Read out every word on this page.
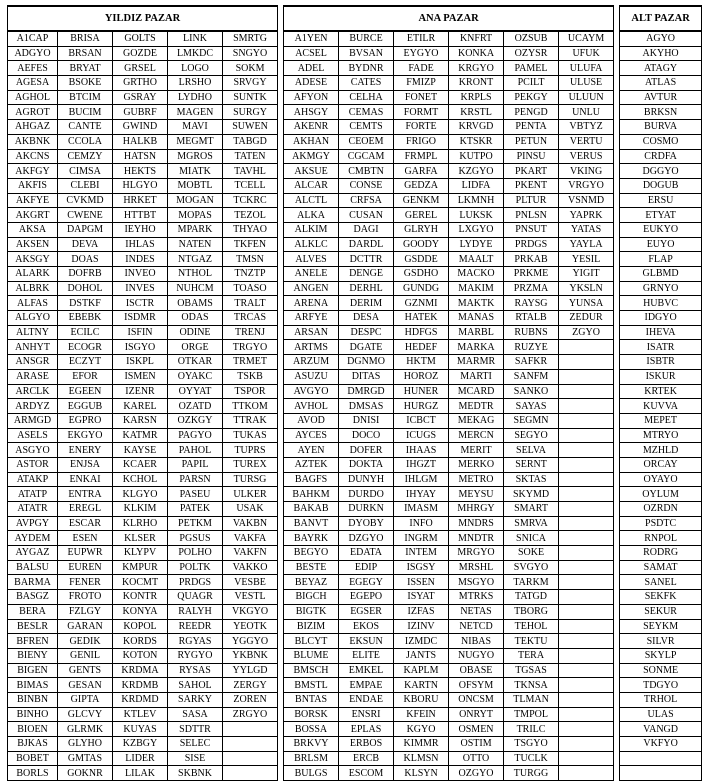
YILDIZ PAZAR						ANA PAZAR							ALT PAZAR
A1CAP	BRISA	GOLTS	LINK	SMRTG		A1YEN	BURCE	ETILR	KNFRT	OZSUB	UCAYM		AGYO
ADGYO	BRSAN	GOZDE	LMKDC	SNGYO		ACSEL	BVSAN	EYGYO	KONKA	OZYSR	UFUK		AKYHO
AEFES	BRYAT	GRSEL	LOGO	SOKM		ADEL	BYDNR	FADE	KRGYO	PAMEL	ULUFA		ATAGY
AGESA	BSOKE	GRTHO	LRSHO	SRVGY		ADESE	CATES	FMIZP	KRONT	PCILT	ULUSE		ATLAS
AGHOL	BTCIM	GSRAY	LYDHO	SUNTK		AFYON	CELHA	FONET	KRPLS	PEKGY	ULUUN		AVTUR
AGROT	BUCIM	GUBRF	MAGEN	SURGY		AHSGY	CEMAS	FORMT	KRSTL	PENGD	UNLU		BRKSN
AHGAZ	CANTE	GWIND	MAVI	SUWEN		AKENR	CEMTS	FORTE	KRVGD	PENTA	VBTYZ		BURVA
AKBNK	CCOLA	HALKB	MEGMT	TABGD		AKHAN	CEOEM	FRIGO	KTSKR	PETUN	VERTU		COSMO
AKCNS	CEMZY	HATSN	MGROS	TATEN		AKMGY	CGCAM	FRMPL	KUTPO	PINSU	VERUS		CRDFA
AKFGY	CIMSA	HEKTS	MIATK	TAVHL		AKSUE	CMBTN	GARFA	KZGYO	PKART	VKING		DGGYO
AKFIS	CLEBI	HLGYO	MOBTL	TCELL		ALCAR	CONSE	GEDZA	LIDFA	PKENT	VRGYO		DOGUB
AKFYE	CVKMD	HRKET	MOGAN	TCKRC		ALCTL	CRFSA	GENKM	LKMNH	PLTUR	VSNMD		ERSU
AKGRT	CWENE	HTTBT	MOPAS	TEZOL		ALKA	CUSAN	GEREL	LUKSK	PNLSN	YAPRK		ETYAT
AKSA	DAPGM	IEYHO	MPARK	THYAO		ALKIM	DAGI	GLRYH	LXGYO	PNSUT	YATAS		EUKYO
AKSEN	DEVA	IHLAS	NATEN	TKFEN		ALKLC	DARDL	GOODY	LYDYE	PRDGS	YAYLA		EUYO
AKSGY	DOAS	INDES	NTGAZ	TMSN		ALVES	DCTTR	GSDDE	MAALT	PRKAB	YESIL		FLAP
ALARK	DOFRB	INVEO	NTHOL	TNZTP		ANELE	DENGE	GSDHO	MACKO	PRKME	YIGIT		GLBMD
ALBRK	DOHOL	INVES	NUHCM	TOASO		ANGEN	DERHL	GUNDG	MAKIM	PRZMA	YKSLN		GRNYO
ALFAS	DSTKF	ISCTR	OBAMS	TRALT		ARENA	DERIM	GZNMI	MAKTK	RAYSG	YUNSA		HUBVC
ALGYO	EBEBK	ISDMR	ODAS	TRCAS		ARFYE	DESA	HATEK	MANAS	RTALB	ZEDUR		IDGYO
ALTNY	ECILC	ISFIN	ODINE	TRENJ		ARSAN	DESPC	HDFGS	MARBL	RUBNS	ZGYO		IHEVA
ANHYT	ECOGR	ISGYO	ORGE	TRGYO		ARTMS	DGATE	HEDEF	MARKA	RUZYE			ISATR
ANSGR	ECZYT	ISKPL	OTKAR	TRMET		ARZUM	DGNMO	HKTM	MARMR	SAFKR			ISBTR
ARASE	EFOR	ISMEN	OYAKC	TSKB		ASUZU	DITAS	HOROZ	MARTI	SANFM			ISKUR
ARCLK	EGEEN	IZENR	OYYAT	TSPOR		AVGYO	DMRGD	HUNER	MCARD	SANKO			KRTEK
ARDYZ	EGGUB	KAREL	OZATD	TTKOM		AVHOL	DMSAS	HURGZ	MEDTR	SAYAS			KUVVA
ARMGD	EGPRO	KARSN	OZKGY	TTRAK		AVOD	DNISI	ICBCT	MEKAG	SEGMN			MEPET
ASELS	EKGYO	KATMR	PAGYO	TUKAS		AYCES	DOCO	ICUGS	MERCN	SEGYO			MTRYO
ASGYO	ENERY	KAYSE	PAHOL	TUPRS		AYEN	DOFER	IHAAS	MERIT	SELVA			MZHLD
ASTOR	ENJSA	KCAER	PAPIL	TUREX		AZTEK	DOKTA	IHGZT	MERKO	SERNT			ORCAY
ATAKP	ENKAI	KCHOL	PARSN	TURSG		BAGFS	DUNYH	IHLGM	METRO	SKTAS			OYAYO
ATATP	ENTRA	KLGYO	PASEU	ULKER		BAHKM	DURDO	IHYAY	MEYSU	SKYMD			OYLUM
ATATR	EREGL	KLKIM	PATEK	USAK		BAKAB	DURKN	IMASM	MHRGY	SMART			OZRDN
AVPGY	ESCAR	KLRHO	PETKM	VAKBN		BANVT	DYOBY	INFO	MNDRS	SMRVA			PSDTC
AYDEM	ESEN	KLSER	PGSUS	VAKFA		BAYRK	DZGYO	INGRM	MNDTR	SNICA			RNPOL
AYGAZ	EUPWR	KLYPV	POLHO	VAKFN		BEGYO	EDATA	INTEM	MRGYO	SOKE			RODRG
BALSU	EUREN	KMPUR	POLTK	VAKKO		BESTE	EDIP	ISGSY	MRSHL	SVGYO			SAMAT
BARMA	FENER	KOCMT	PRDGS	VESBE		BEYAZ	EGEGY	ISSEN	MSGYO	TARKM			SANEL
BASGZ	FROTO	KONTR	QUAGR	VESTL		BIGCH	EGEPO	ISYAT	MTRKS	TATGD			SEKFK
BERA	FZLGY	KONYA	RALYH	VKGYO		BIGTK	EGSER	IZFAS	NETAS	TBORG			SEKUR
BESLR	GARAN	KOPOL	REEDR	YEOTK		BIZIM	EKOS	IZINV	NETCD	TEHOL			SEYKM
BFREN	GEDIK	KORDS	RGYAS	YGGYO		BLCYT	EKSUN	IZMDC	NIBAS	TEKTU			SILVR
BIENY	GENIL	KOTON	RYGYO	YKBNK		BLUME	ELITE	JANTS	NUGYO	TERA			SKYLP
BIGEN	GENTS	KRDMA	RYSAS	YYLGD		BMSCH	EMKEL	KAPLM	OBASE	TGSAS			SONME
BIMAS	GESAN	KRDMB	SAHOL	ZERGY		BMSTL	EMPAE	KARTN	OFSYM	TKNSA			TDGYO
BINBN	GIPTA	KRDMD	SARKY	ZOREN		BNTAS	ENDAE	KBORU	ONCSM	TLMAN			TRHOL
BINHO	GLCVY	KTLEV	SASA	ZRGYO		BORSK	ENSRI	KFEIN	ONRYT	TMPOL			ULAS
BIOEN	GLRMK	KUYAS	SDTTR			BOSSA	EPLAS	KGYO	OSMEN	TRILC			VANGD
BJKAS	GLYHO	KZBGY	SELEC			BRKVY	ERBOS	KIMMR	OSTIM	TSGYO			VKFYO
BOBET	GMTAS	LIDER	SISE			BRLSM	ERCB	KLMSN	OTTO	TUCLK			
BORLS	GOKNR	LILAK	SKBNK			BULGS	ESCOM	KLSYN	OZGYO	TURGG			
